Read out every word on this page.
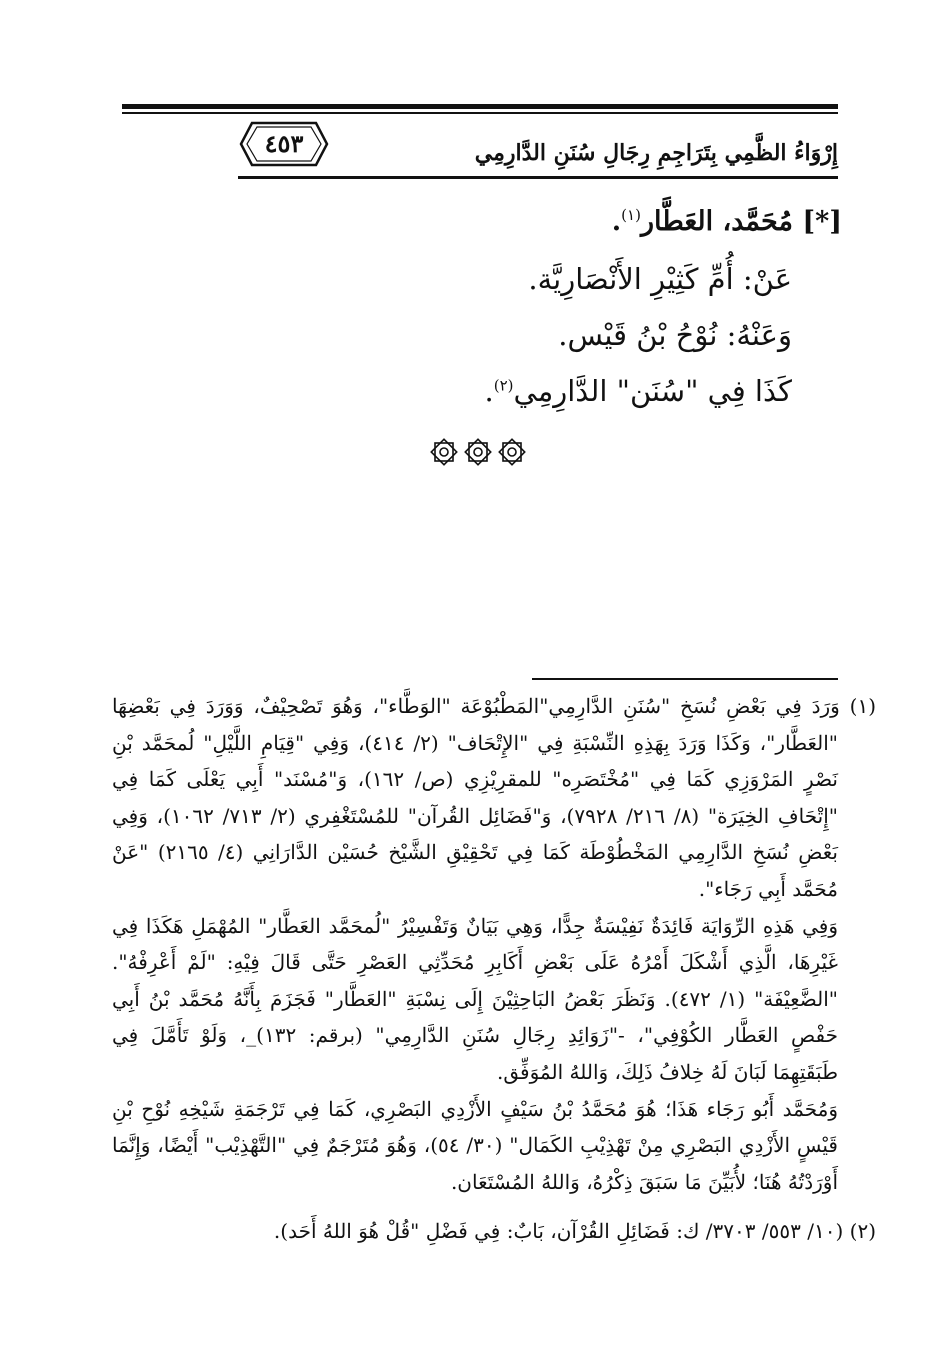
٤٥٣	إِرْوَاءُ الظَّمِي بِتَرَاجِمِ رِجَالِ سُنَنِ الدَّارِمِي
[*] مُحَمَّد، العَطَّار$^{(١)}$.
عَنْ: أُمِّ كَثِيْرِ الأَنْصَارِيَّة.
وَعَنْهُ: نُوْحُ بْنُ قَيْس.
كَذَا فِي "سُنَن" الدَّارِمِي$^{(٢)}$.

(١) وَرَدَ فِي بَعْضِ نُسَخِ "سُنَنِ الدَّارِمِي"المَطْبُوْعَة "الوَطَّاء"، وَهُوَ تَصْحِيْفٌ، وَوَرَدَ فِي بَعْضِهَا "العَطَّار"، وَكَذَا وَرَدَ بِهَذِهِ النِّسْبَةِ فِي "الإِتْحَاف" (٢/ ٤١٤)، وَفِي "قِيَامِ اللَّيْلِ" لُمحَمَّد بْنِ نَصْرٍ المَرْوَزِي كَمَا فِي "مُخْتَصَرِه" للمقرِيْزِي (ص/ ١٦٢)، وَ"مُسْنَد" أَبِي يَعْلَى كَمَا فِي "إِتْحَافِ الخِيَرَة" (٨/ ٢١٦/ ٧٩٢٨)، وَ"فَضَائِل القُرآن" للمُسْتَغْفِري (٢/ ٧١٣/ ١٠٦٢)، وَفِي بَعْضِ نُسَخِ الدَّارِمِي المَخْطُوْطَة كَمَا فِي تَحْقِيْقِ الشَّيْخ حُسَيْن الدَّارَانِي (٤/ ٢١٦٥) "عَنْ مُحَمَّد أَبِي رَجَاء".

وَفِي هَذِهِ الرِّوَايَة فَائِدَةٌ نَفِيْسَةٌ جِدًّا، وَهِي بَيَانٌ وَتَفْسِيْرُ "لُمحَمَّد العَطَّار" المُهْمَلِ هَكَذَا فِي غَيْرِهَا، الَّذِي أَشْكَلَ أَمْرُهُ عَلَى بَعْضِ أَكَابِرِ مُحَدِّثِي العَصْرِ حَتَّى قَالَ فِيْهِ: "لَمْ أَعْرِفْهُ". "الضَّعِيْفَة" (١/ ٤٧٢). وَنَظَرَ بَعْضُ البَاحِثِيْنَ إِلَى نِسْبَةِ "العَطَّار" فَجَزَمَ بِأَنَّهُ مُحَمَّد بْنُ أَبِي حَفْصٍ العَطَّار الكُوْفِي"، -"زَوَائِدِ رِجَالِ سُنَنِ الدَّارِمِي" (برقم: ١٣٢)_، وَلَوْ تَأَمَّلَ فِي طَبَقَتِهِمَا لَبَانَ لَهُ خِلافُ ذَلِكَ، وَاللهُ المُوَفِّق.

وَمُحَمَّد أَبُو رَجَاء هَذَا؛ هُوَ مُحَمَّدُ بْنُ سَيْفٍ الأَزْدِي البَصْرِي، كَمَا فِي تَرْجَمَةِ شَيْخِهِ نُوْحِ بْنِ قَيْسٍ الأَزْدِي البَصْرِي مِنْ تَهْذِيْبِ الكَمَال" (٣٠/ ٥٤)، وَهُوَ مُتَرْجَمٌ فِي "التَّهْذِيْب" أَيْضًا، وَإِنَّمَا أَوْرَدْتُهُ هُنَا؛ لأُبَيِّنَ مَا سَبَقَ ذِكْرُهُ، وَاللهُ المُسْتَعَان.

(٢) (١٠/ ٥٥٣/ ٣٧٠٣/ ك: فَضَائِلِ القُرْآن، بَابٌ: فِي فَضْلِ "قُلْ هُوَ اللهُ أَحَد).
